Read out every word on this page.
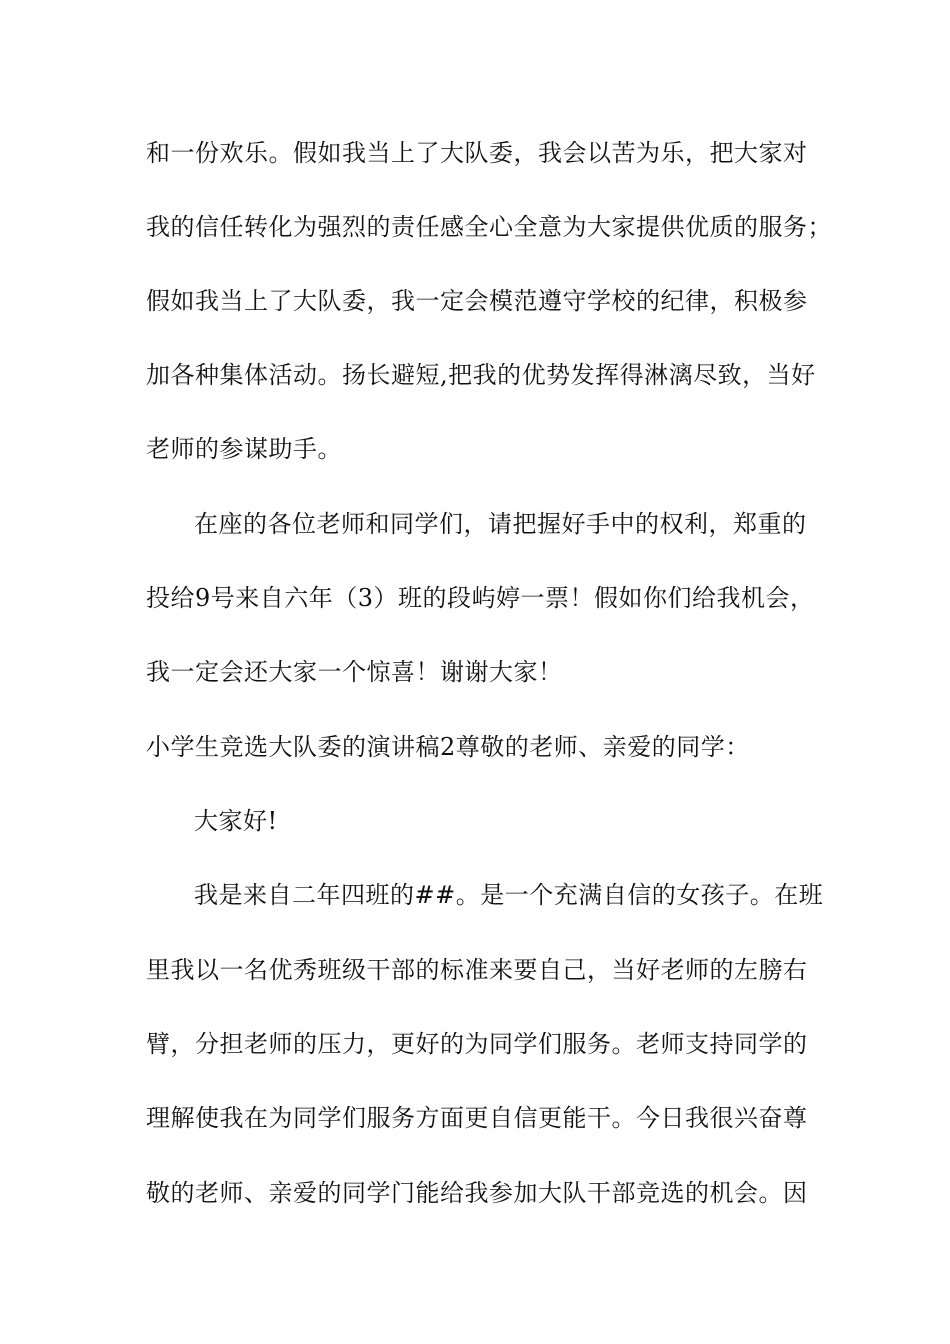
和一份欢乐。假如我当上了大队委，我会以苦为乐，把大家对
我的信任转化为强烈的责任感全心全意为大家提供优质的服务；
假如我当上了大队委，我一定会模范遵守学校的纪律，积极参
加各种集体活动。扬长避短,把我的优势发挥得淋漓尽致，当好
老师的参谋助手。
在座的各位老师和同学们，请把握好手中的权利，郑重的
投给9号来自六年（3）班的段屿婷一票！假如你们给我机会，
我一定会还大家一个惊喜！谢谢大家！
小学生竞选大队委的演讲稿2尊敬的老师、亲爱的同学：
大家好!
我是来自二年四班的##。是一个充满自信的女孩子。在班
里我以一名优秀班级干部的标准来要自己，当好老师的左膀右
臂，分担老师的压力，更好的为同学们服务。老师支持同学的
理解使我在为同学们服务方面更自信更能干。今日我很兴奋尊
敬的老师、亲爱的同学门能给我参加大队干部竞选的机会。因
